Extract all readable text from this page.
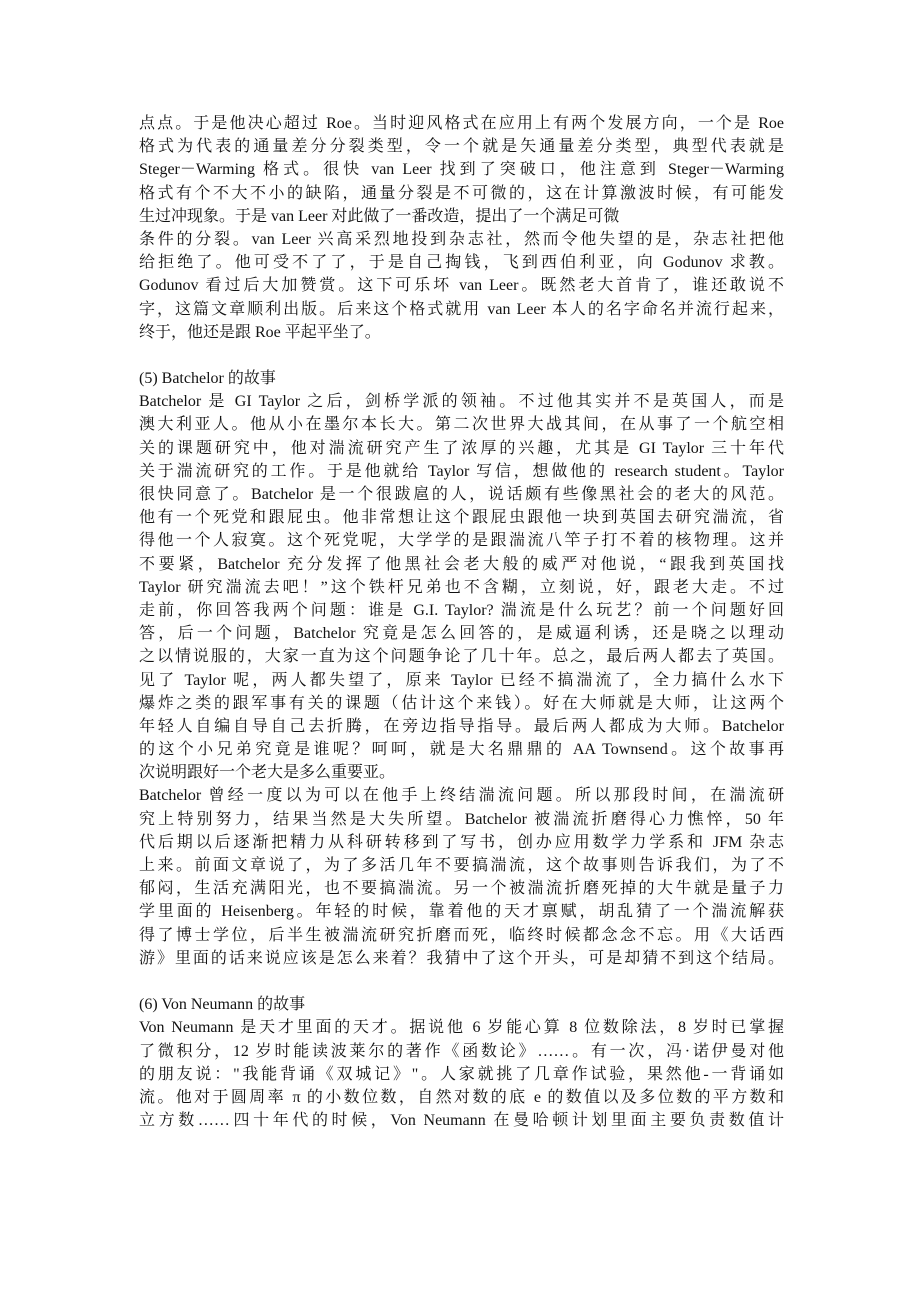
点点。于是他决心超过 Roe。当时迎风格式在应用上有两个发展方向，一个是 Roe
格式为代表的通量差分分裂类型，令一个就是矢通量差分类型，典型代表就是
Steger－Warming 格式。很快 van Leer 找到了突破口，他注意到 Steger－Warming
格式有个不大不小的缺陷，通量分裂是不可微的，这在计算激波时候，有可能发
生过冲现象。于是 van Leer 对此做了一番改造，提出了一个满足可微
条件的分裂。van Leer 兴高采烈地投到杂志社，然而令他失望的是，杂志社把他
给拒绝了。他可受不了了，于是自己掏钱，飞到西伯利亚，向 Godunov 求教。
Godunov 看过后大加赞赏。这下可乐坏 van Leer。既然老大首肯了，谁还敢说不
字，这篇文章顺利出版。后来这个格式就用 van Leer 本人的名字命名并流行起来，
终于，他还是跟 Roe 平起平坐了。
(5) Batchelor 的故事
Batchelor 是 GI Taylor 之后，剑桥学派的领袖。不过他其实并不是英国人，而是
澳大利亚人。他从小在墨尔本长大。第二次世界大战其间，在从事了一个航空相
关的课题研究中，他对湍流研究产生了浓厚的兴趣，尤其是 GI Taylor 三十年代
关于湍流研究的工作。于是他就给 Taylor 写信，想做他的 research student。Taylor
很快同意了。Batchelor 是一个很跋扈的人，说话颇有些像黑社会的老大的风范。
他有一个死党和跟屁虫。他非常想让这个跟屁虫跟他一块到英国去研究湍流，省
得他一个人寂寞。这个死党呢，大学学的是跟湍流八竿子打不着的核物理。这并
不要紧，Batchelor 充分发挥了他黑社会老大般的威严对他说，“跟我到英国找
Taylor 研究湍流去吧！”这个铁杆兄弟也不含糊，立刻说，好，跟老大走。不过
走前，你回答我两个问题：谁是 G.I. Taylor? 湍流是什么玩艺？前一个问题好回
答，后一个问题，Batchelor 究竟是怎么回答的，是威逼利诱，还是晓之以理动
之以情说服的，大家一直为这个问题争论了几十年。总之，最后两人都去了英国。
见了 Taylor 呢，两人都失望了，原来 Taylor 已经不搞湍流了，全力搞什么水下
爆炸之类的跟军事有关的课题（估计这个来钱）。好在大师就是大师，让这两个
年轻人自编自导自己去折腾，在旁边指导指导。最后两人都成为大师。Batchelor
的这个小兄弟究竟是谁呢？呵呵，就是大名鼎鼎的 AA Townsend。这个故事再
次说明跟好一个老大是多么重要亚。
Batchelor 曾经一度以为可以在他手上终结湍流问题。所以那段时间，在湍流研
究上特别努力，结果当然是大失所望。Batchelor 被湍流折磨得心力憔悴，50 年
代后期以后逐渐把精力从科研转移到了写书，创办应用数学力学系和 JFM 杂志
上来。前面文章说了，为了多活几年不要搞湍流，这个故事则告诉我们，为了不
郁闷，生活充满阳光，也不要搞湍流。另一个被湍流折磨死掉的大牛就是量子力
学里面的 Heisenberg。年轻的时候，靠着他的天才禀赋，胡乱猜了一个湍流解获
得了博士学位，后半生被湍流研究折磨而死，临终时候都念念不忘。用《大话西
游》里面的话来说应该是怎么来着？我猜中了这个开头，可是却猜不到这个结局。
(6) Von Neumann 的故事
Von Neumann 是天才里面的天才。据说他 6 岁能心算 8 位数除法，8 岁时已掌握
了微积分，12 岁时能读波莱尔的著作《函数论》……。有一次，冯·诺伊曼对他
的朋友说："我能背诵《双城记》"。人家就挑了几章作试验，果然他-一背诵如
流。他对于圆周率 π 的小数位数，自然对数的底 e 的数值以及多位数的平方数和
立方数……四十年代的时候，Von Neumann 在曼哈顿计划里面主要负责数值计
